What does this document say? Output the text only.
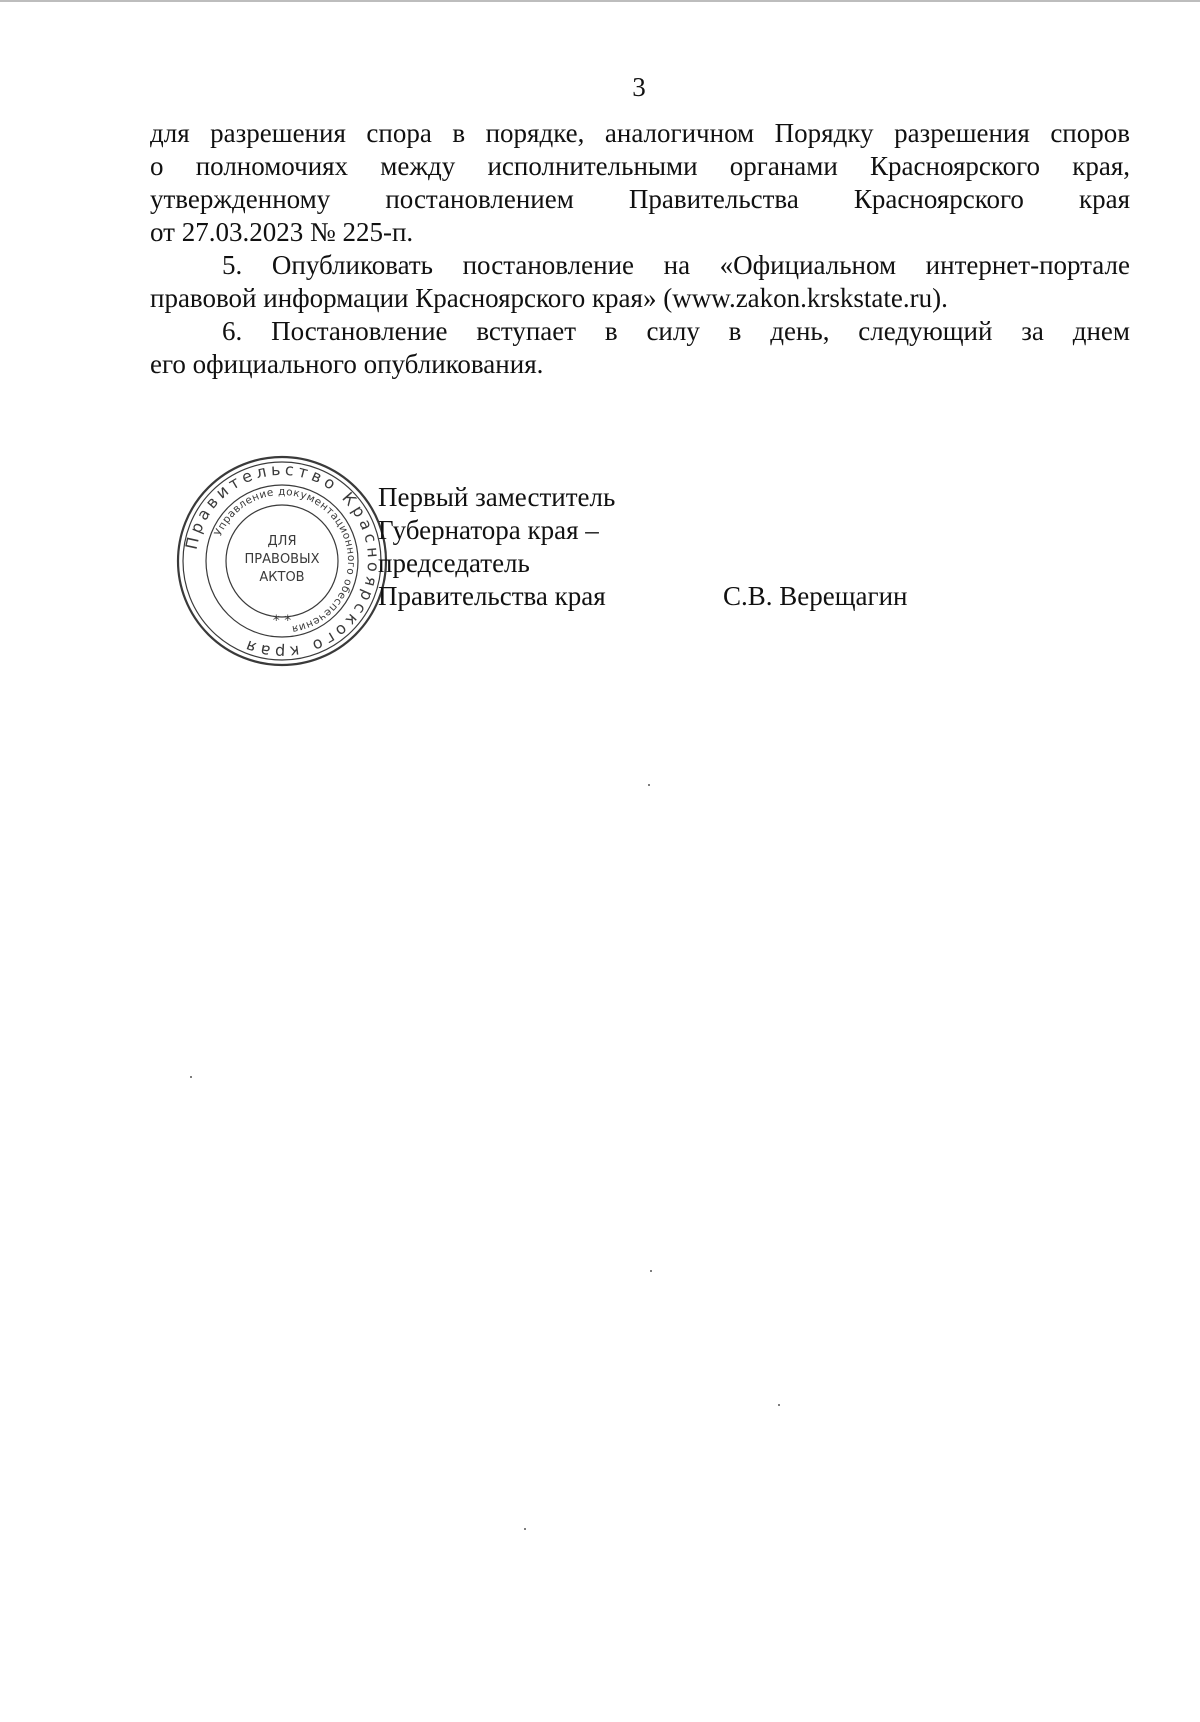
3

для разрешения спора в порядке, аналогичном Порядку разрешения споров
о полномочиях между исполнительными органами Красноярского края,
утвержденному постановлением Правительства Красноярского края
от 27.03.2023 № 225-п.

5. Опубликовать постановление на «Официальном интернет-портале
правовой информации Красноярского края» (www.zakon.krskstate.ru).

6. Постановление вступает в силу в день, следующий за днем
его официального опубликования.

Правительство Красноярского края
Управление документационного обеспечения
ДЛЯ
ПРАВОВЫХ
АКТОВ
* *
Первый заместитель
Губернатора края –
председатель
Правительства края	С.В. Верещагин
